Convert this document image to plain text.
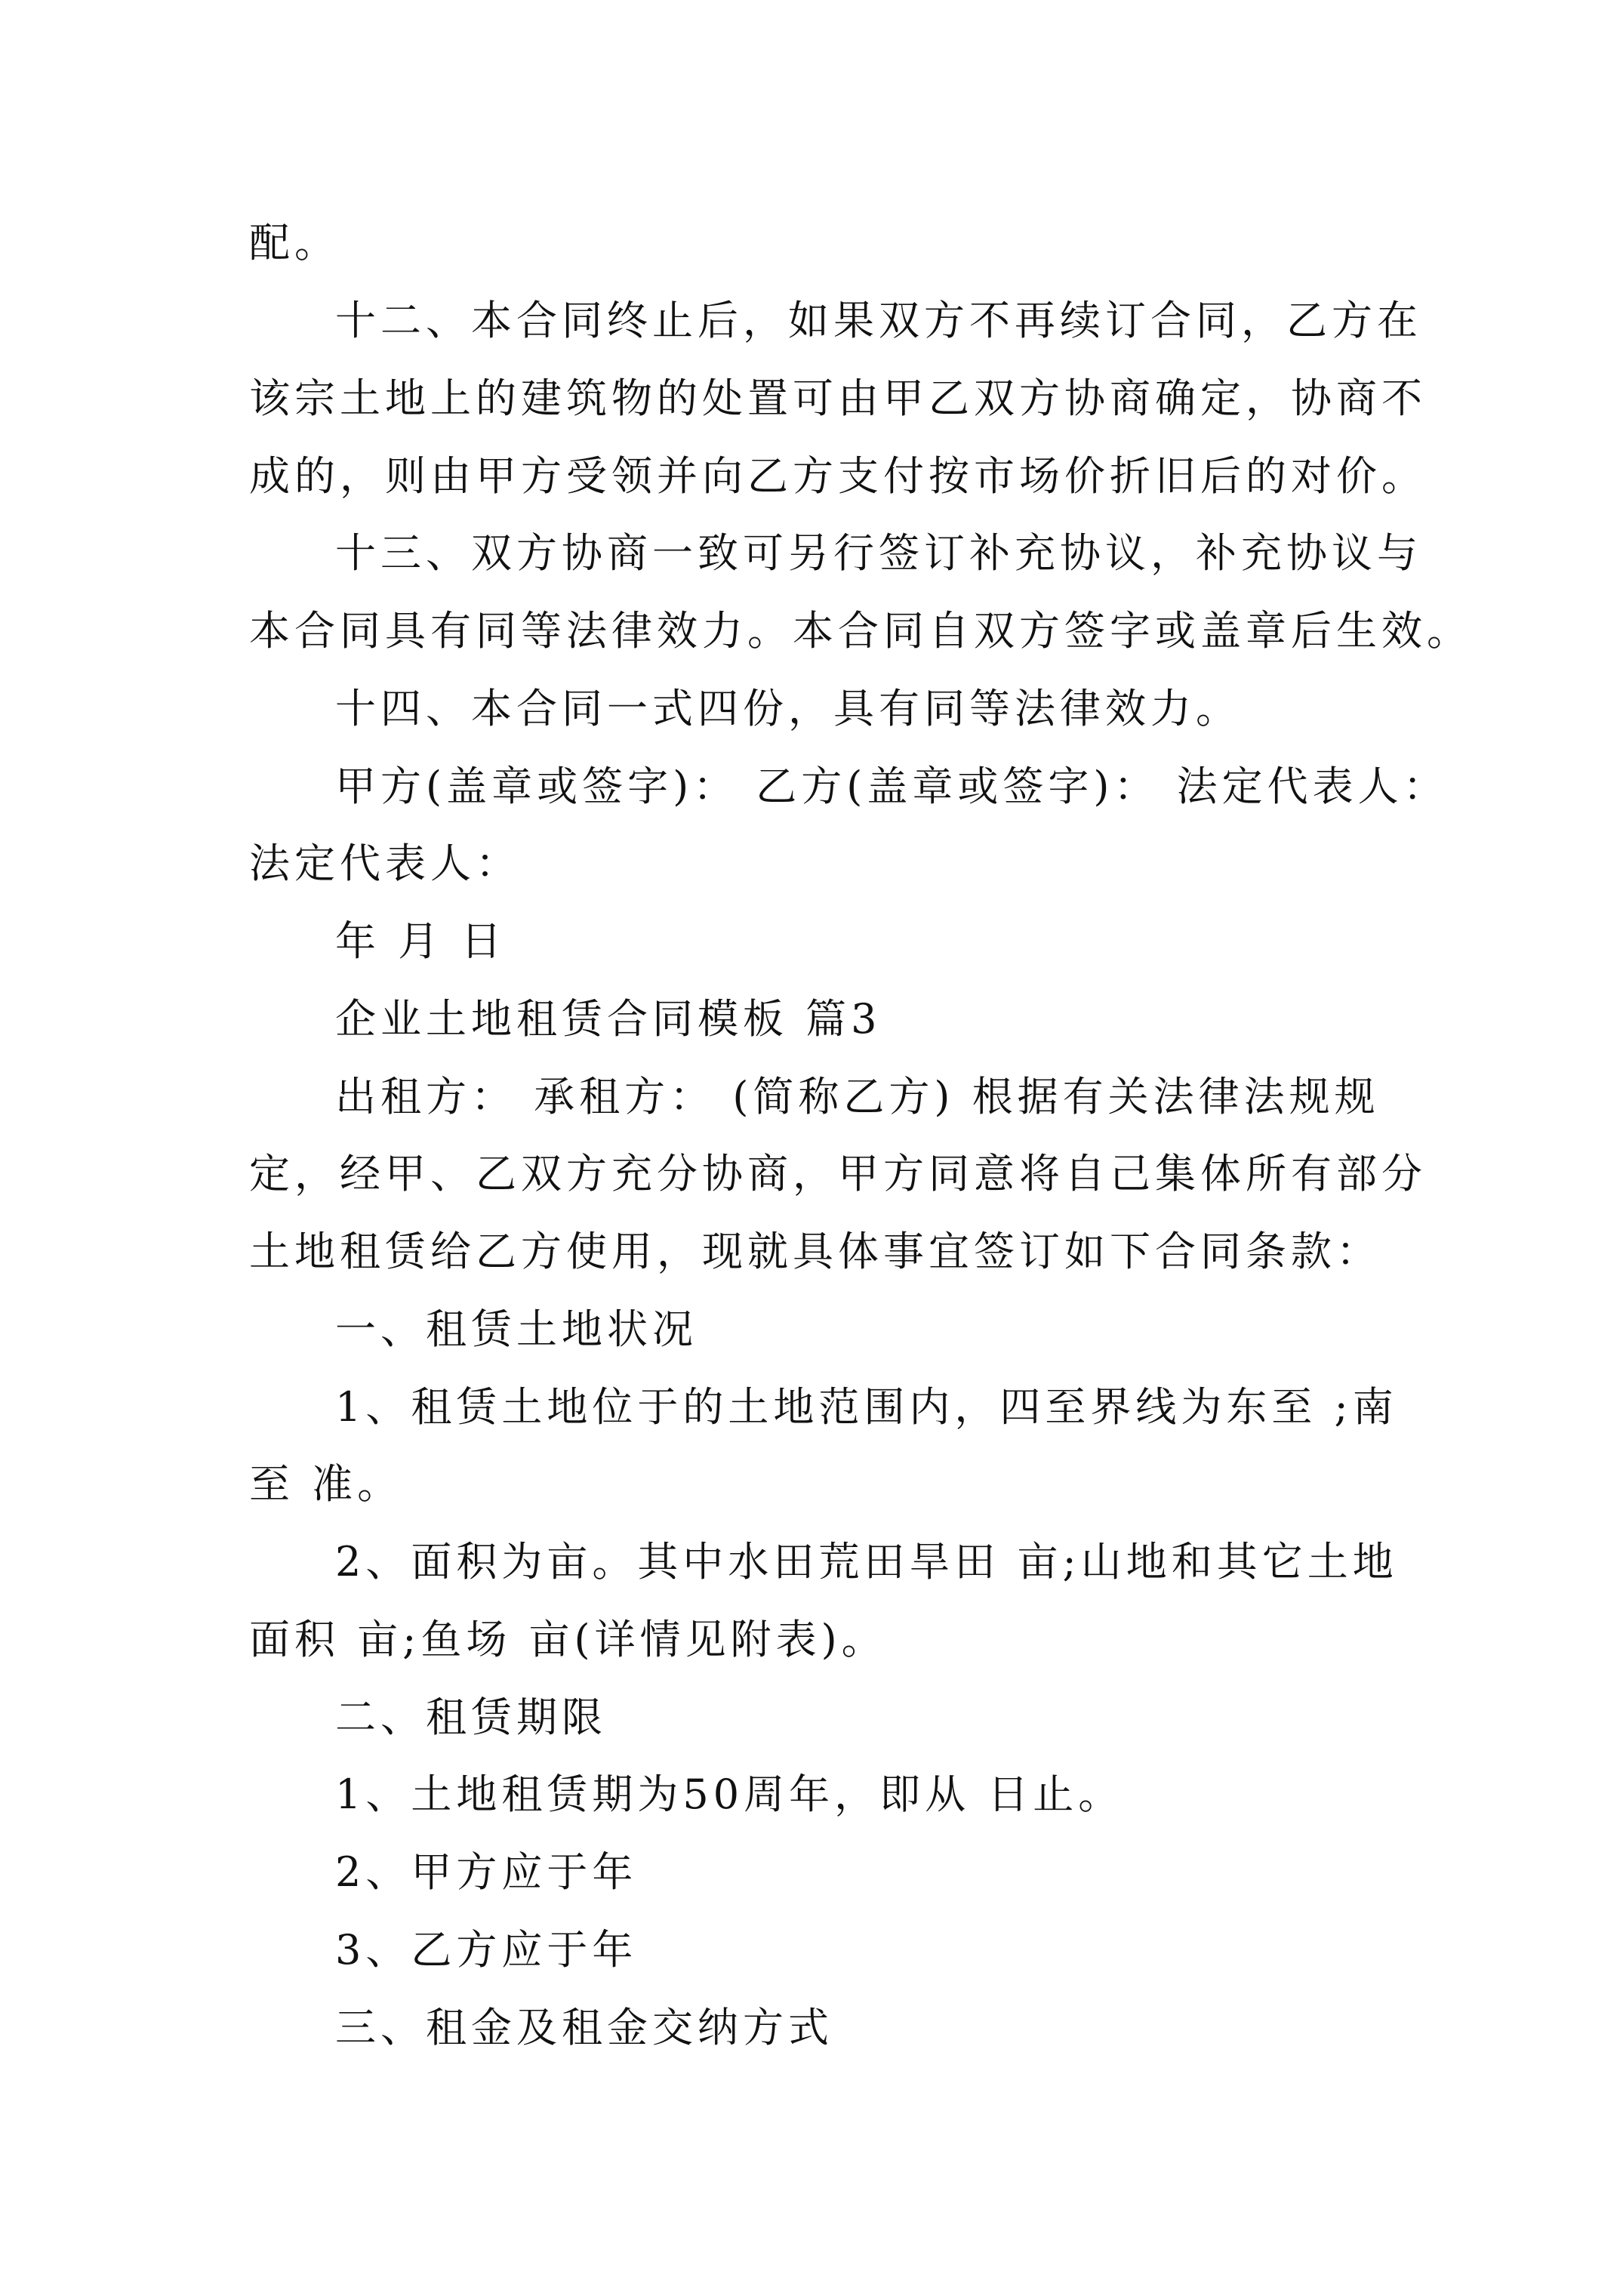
配。
十二、本合同终止后，如果双方不再续订合同，乙方在
该宗土地上的建筑物的处置可由甲乙双方协商确定，协商不
成的，则由甲方受领并向乙方支付按市场价折旧后的对价。
十三、双方协商一致可另行签订补充协议，补充协议与
本合同具有同等法律效力。本合同自双方签字或盖章后生效。
十四、本合同一式四份，具有同等法律效力。
甲方(盖章或签字)： 乙方(盖章或签字)： 法定代表人：
法定代表人：
年 月 日
企业土地租赁合同模板 篇3
出租方： 承租方： (简称乙方) 根据有关法律法规规
定，经甲、乙双方充分协商，甲方同意将自己集体所有部分
土地租赁给乙方使用，现就具体事宜签订如下合同条款：
一、租赁土地状况
1、租赁土地位于的土地范围内，四至界线为东至 ;南
至 准。
2、面积为亩。其中水田荒田旱田 亩;山地和其它土地
面积 亩;鱼场 亩(详情见附表)。
二、租赁期限
1、土地租赁期为50周年，即从 日止。
2、甲方应于年
3、乙方应于年
三、租金及租金交纳方式
